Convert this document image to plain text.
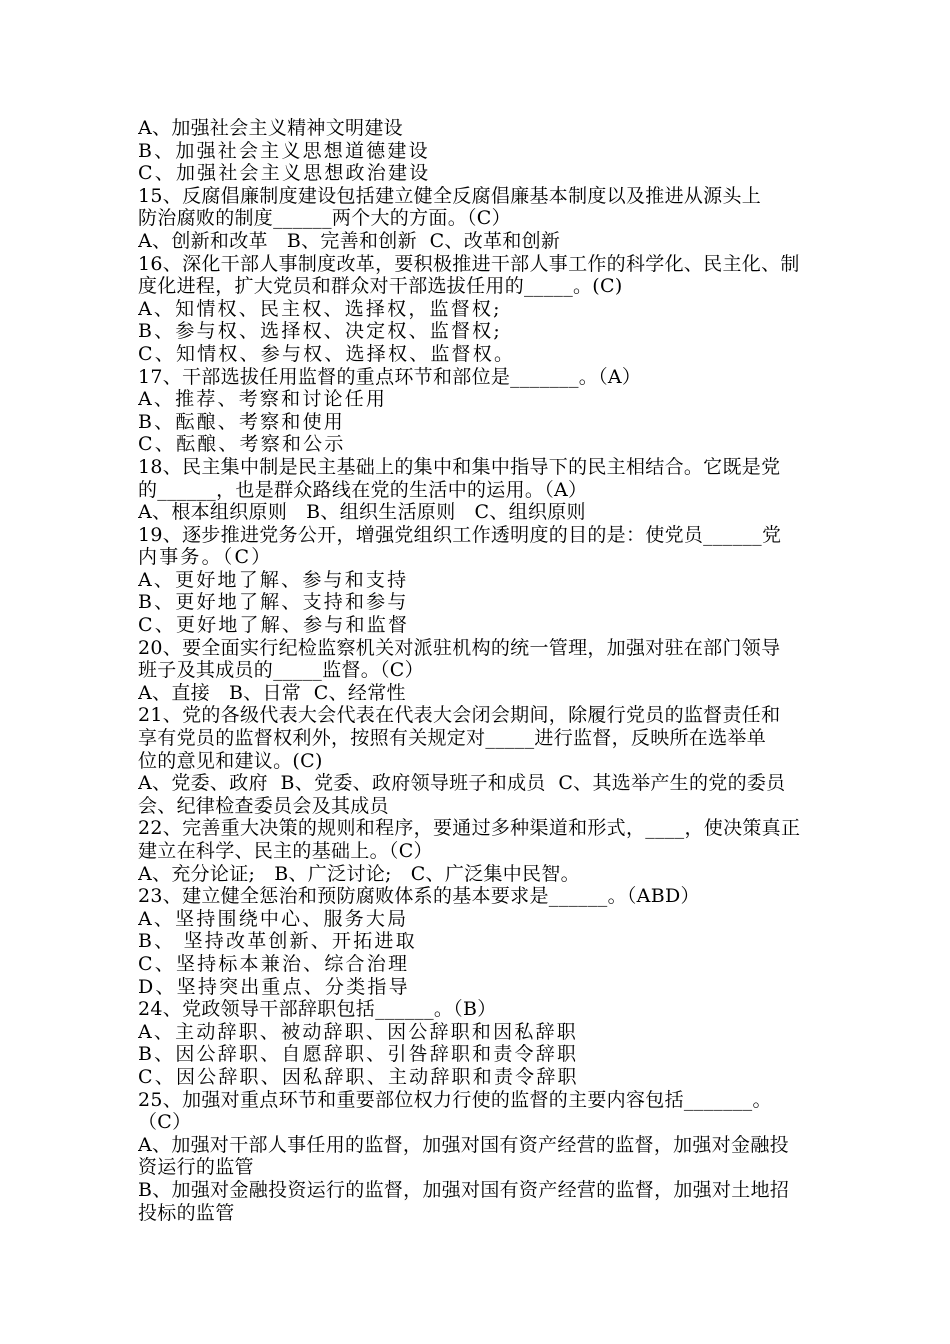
A、加强社会主义精神文明建设
B、加强社会主义思想道德建设
C、加强社会主义思想政治建设
15、反腐倡廉制度建设包括建立健全反腐倡廉基本制度以及推进从源头上
防治腐败的制度______两个大的方面。（C）
A、创新和改革   B、完善和创新  C、改革和创新
16、深化干部人事制度改革，要积极推进干部人事工作的科学化、民主化、制
度化进程，扩大党员和群众对干部选拔任用的_____。(C)
A、知情权、民主权、选择权，监督权;
B、参与权、选择权、决定权、监督权;
C、知情权、参与权、选择权、监督权。
17、干部选拔任用监督的重点环节和部位是_______。（A）
A、推荐、考察和讨论任用
B、酝酿、考察和使用
C、酝酿、考察和公示
18、民主集中制是民主基础上的集中和集中指导下的民主相结合。它既是党
的______，也是群众路线在党的生活中的运用。（A）
A、根本组织原则   B、组织生活原则   C、组织原则
19、逐步推进党务公开，增强党组织工作透明度的目的是：使党员______党
内事务。（C）
A、更好地了解、参与和支持
B、更好地了解、支持和参与
C、更好地了解、参与和监督
20、要全面实行纪检监察机关对派驻机构的统一管理，加强对驻在部门领导
班子及其成员的_____监督。（C）
A、直接   B、日常  C、经常性
21、党的各级代表大会代表在代表大会闭会期间，除履行党员的监督责任和
享有党员的监督权利外，按照有关规定对_____进行监督，反映所在选举单
位的意见和建议。(C)
A、党委、政府  B、党委、政府领导班子和成员  C、其选举产生的党的委员
会、纪律检查委员会及其成员
22、完善重大决策的规则和程序，要通过多种渠道和形式，____，使决策真正
建立在科学、民主的基础上。（C）
A、充分论证;   B、广泛讨论;   C、广泛集中民智。
23、建立健全惩治和预防腐败体系的基本要求是______。（ABD）
A、坚持围绕中心、服务大局
B、 坚持改革创新、开拓进取
C、坚持标本兼治、综合治理
D、坚持突出重点、分类指导
24、党政领导干部辞职包括______。（B）
A、主动辞职、被动辞职、因公辞职和因私辞职
B、因公辞职、自愿辞职、引咎辞职和责令辞职
C、因公辞职、因私辞职、主动辞职和责令辞职
25、加强对重点环节和重要部位权力行使的监督的主要内容包括_______。
（C）
A、加强对干部人事任用的监督，加强对国有资产经营的监督，加强对金融投
资运行的监管
B、加强对金融投资运行的监督，加强对国有资产经营的监督，加强对土地招
投标的监管
